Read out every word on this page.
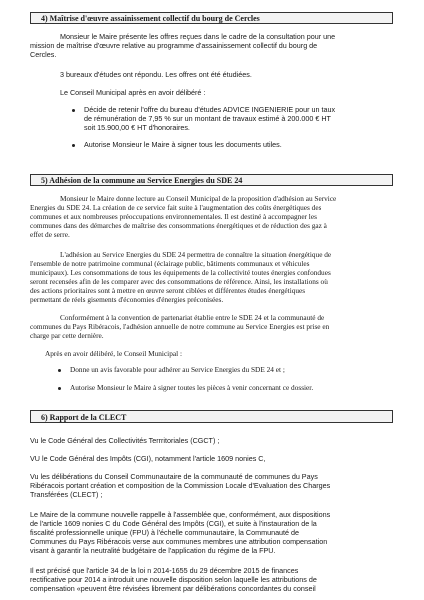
4) Maîtrise d'œuvre assainissement collectif du bourg de Cercles
Monsieur le Maire présente les offres reçues dans le cadre de la consultation pour une
mission de maîtrise d'œuvre relative au programme d'assainissement collectif du bourg de
Cercles.
3 bureaux d'études ont répondu. Les offres ont été étudiées.
Le Conseil Municipal après en avoir délibéré :
Décide de retenir l'offre du bureau d'études ADVICE INGENIERIE pour un taux
de rémunération de 7,95 % sur un montant de travaux estimé à 200.000 € HT
soit 15.900,00 € HT d'honoraires.
Autorise Monsieur le Maire à signer tous les documents utiles.
5) Adhésion de la commune au Service Energies du SDE 24
Monsieur le Maire donne lecture au Conseil Municipal de la proposition d'adhésion au Service
Energies du SDE 24. La création de ce service fait suite à l'augmentation des coûts énergétiques des
communes et aux nombreuses préoccupations environnementales. Il est destiné à accompagner les
communes dans des démarches de maîtrise des consommations énergétiques et de réduction des gaz à
effet de serre.
L'adhésion au Service Energies du SDE 24 permettra de connaître la situation énergétique de
l'ensemble de notre patrimoine communal (éclairage public, bâtiments communaux et véhicules
municipaux). Les consommations de tous les équipements de la collectivité toutes énergies confondues
seront recensées afin de les comparer avec des consommations de référence. Ainsi, les installations où
des actions prioritaires sont à mettre en œuvre seront ciblées et différentes études énergétiques
permettant de réels gisements d'économies d'énergies préconisées.
Conformément à la convention de partenariat établie entre le SDE 24 et la communauté de
communes du Pays Ribéracois, l'adhésion annuelle de notre commune au Service Energies est prise en
charge par cette dernière.
Après en avoir délibéré, le Conseil Municipal :
Donne un avis favorable pour adhérer au Service Energies du SDE 24 et ;
Autorise Monsieur le Maire à signer toutes les pièces à venir concernant ce dossier.
6) Rapport de la CLECT
Vu le Code Général des Collectivités Terrritoriales (CGCT) ;
VU le Code Général des Impôts (CGI), notamment l'article 1609 nonies C,
Vu les délibérations du Conseil Communautaire de la communauté de communes du Pays
Ribéracois portant création et composition de la Commission Locale d'Evaluation des Charges
Transférées (CLECT) ;
Le Maire de la commune nouvelle rappelle à l'assemblée que, conformément, aux dispositions
de l'article 1609 nonies C du Code Général des Impôts (CGI), et suite à l'instauration de la
fiscalité professionnelle unique (FPU) à l'échelle communautaire, la Communauté de
Communes du Pays Ribéracois verse aux communes membres une attribution compensation
visant à garantir la neutralité budgétaire de l'application du régime de la FPU.
Il est précisé que l'article 34 de la loi n 2014-1655 du 29 décembre 2015 de finances
rectificative pour 2014 a introduit une nouvelle disposition selon laquelle les attributions de
compensation «peuvent être révisées librement par délibérations concordantes du conseil
